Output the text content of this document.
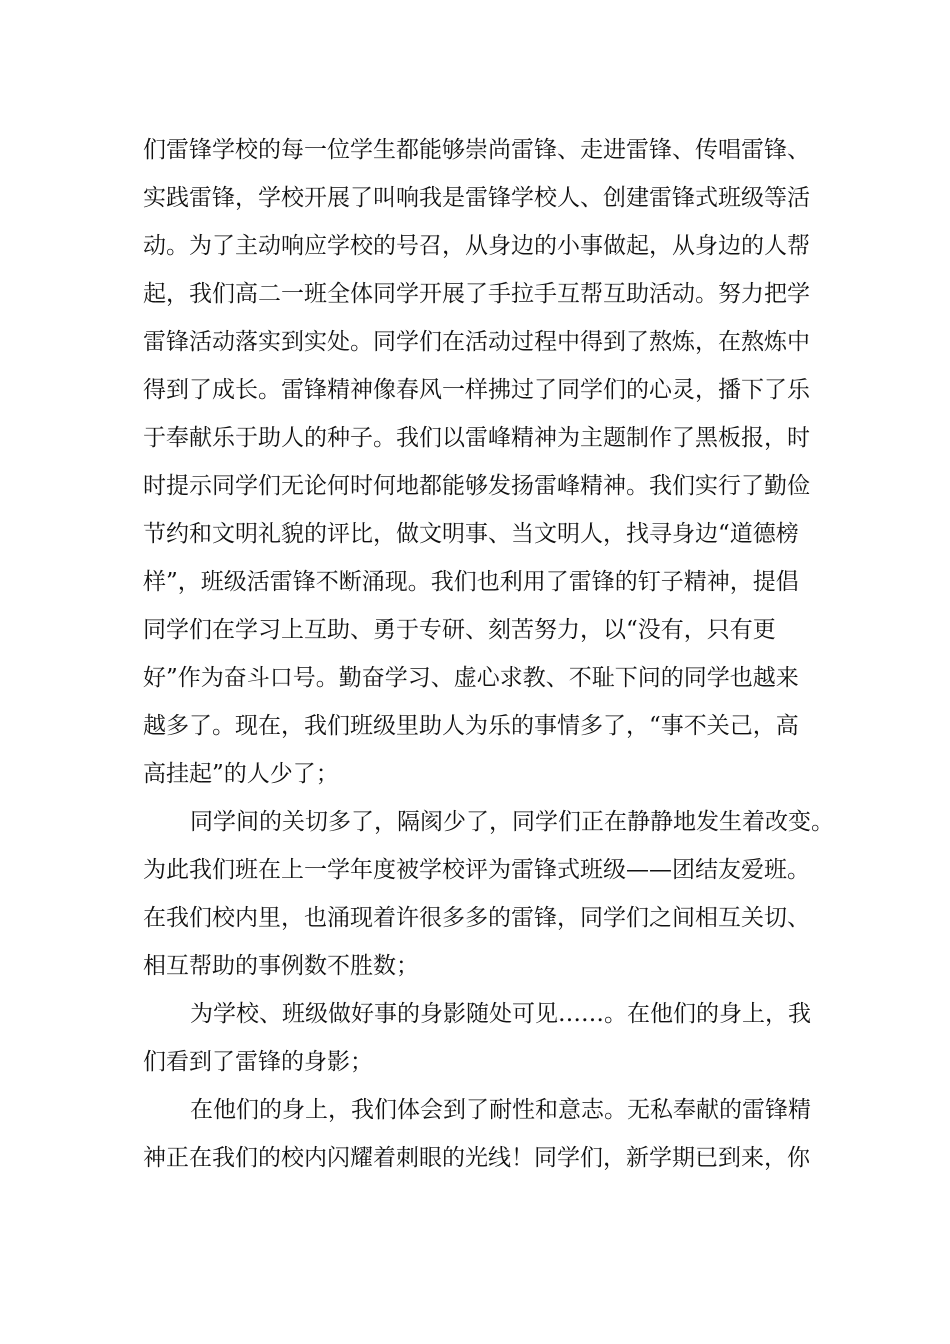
们雷锋学校的每一位学生都能够崇尚雷锋、走进雷锋、传唱雷锋、
实践雷锋，学校开展了叫响我是雷锋学校人、创建雷锋式班级等活
动。为了主动响应学校的号召，从身边的小事做起，从身边的人帮
起，我们高二一班全体同学开展了手拉手互帮互助活动。努力把学
雷锋活动落实到实处。同学们在活动过程中得到了熬炼，在熬炼中
得到了成长。雷锋精神像春风一样拂过了同学们的心灵，播下了乐
于奉献乐于助人的种子。我们以雷峰精神为主题制作了黑板报，时
时提示同学们无论何时何地都能够发扬雷峰精神。我们实行了勤俭
节约和文明礼貌的评比，做文明事、当文明人，找寻身边“道德榜
样”，班级活雷锋不断涌现。我们也利用了雷锋的钉子精神，提倡
同学们在学习上互助、勇于专研、刻苦努力，以“没有，只有更
好”作为奋斗口号。勤奋学习、虚心求教、不耻下问的同学也越来
越多了。现在，我们班级里助人为乐的事情多了，“事不关己，高
高挂起”的人少了；
同学间的关切多了，隔阂少了，同学们正在静静地发生着改变。
为此我们班在上一学年度被学校评为雷锋式班级——团结友爱班。
在我们校内里，也涌现着许很多多的雷锋，同学们之间相互关切、
相互帮助的事例数不胜数；
为学校、班级做好事的身影随处可见……。在他们的身上，我
们看到了雷锋的身影；
在他们的身上，我们体会到了耐性和意志。无私奉献的雷锋精
神正在我们的校内闪耀着刺眼的光线！同学们，新学期已到来，你
